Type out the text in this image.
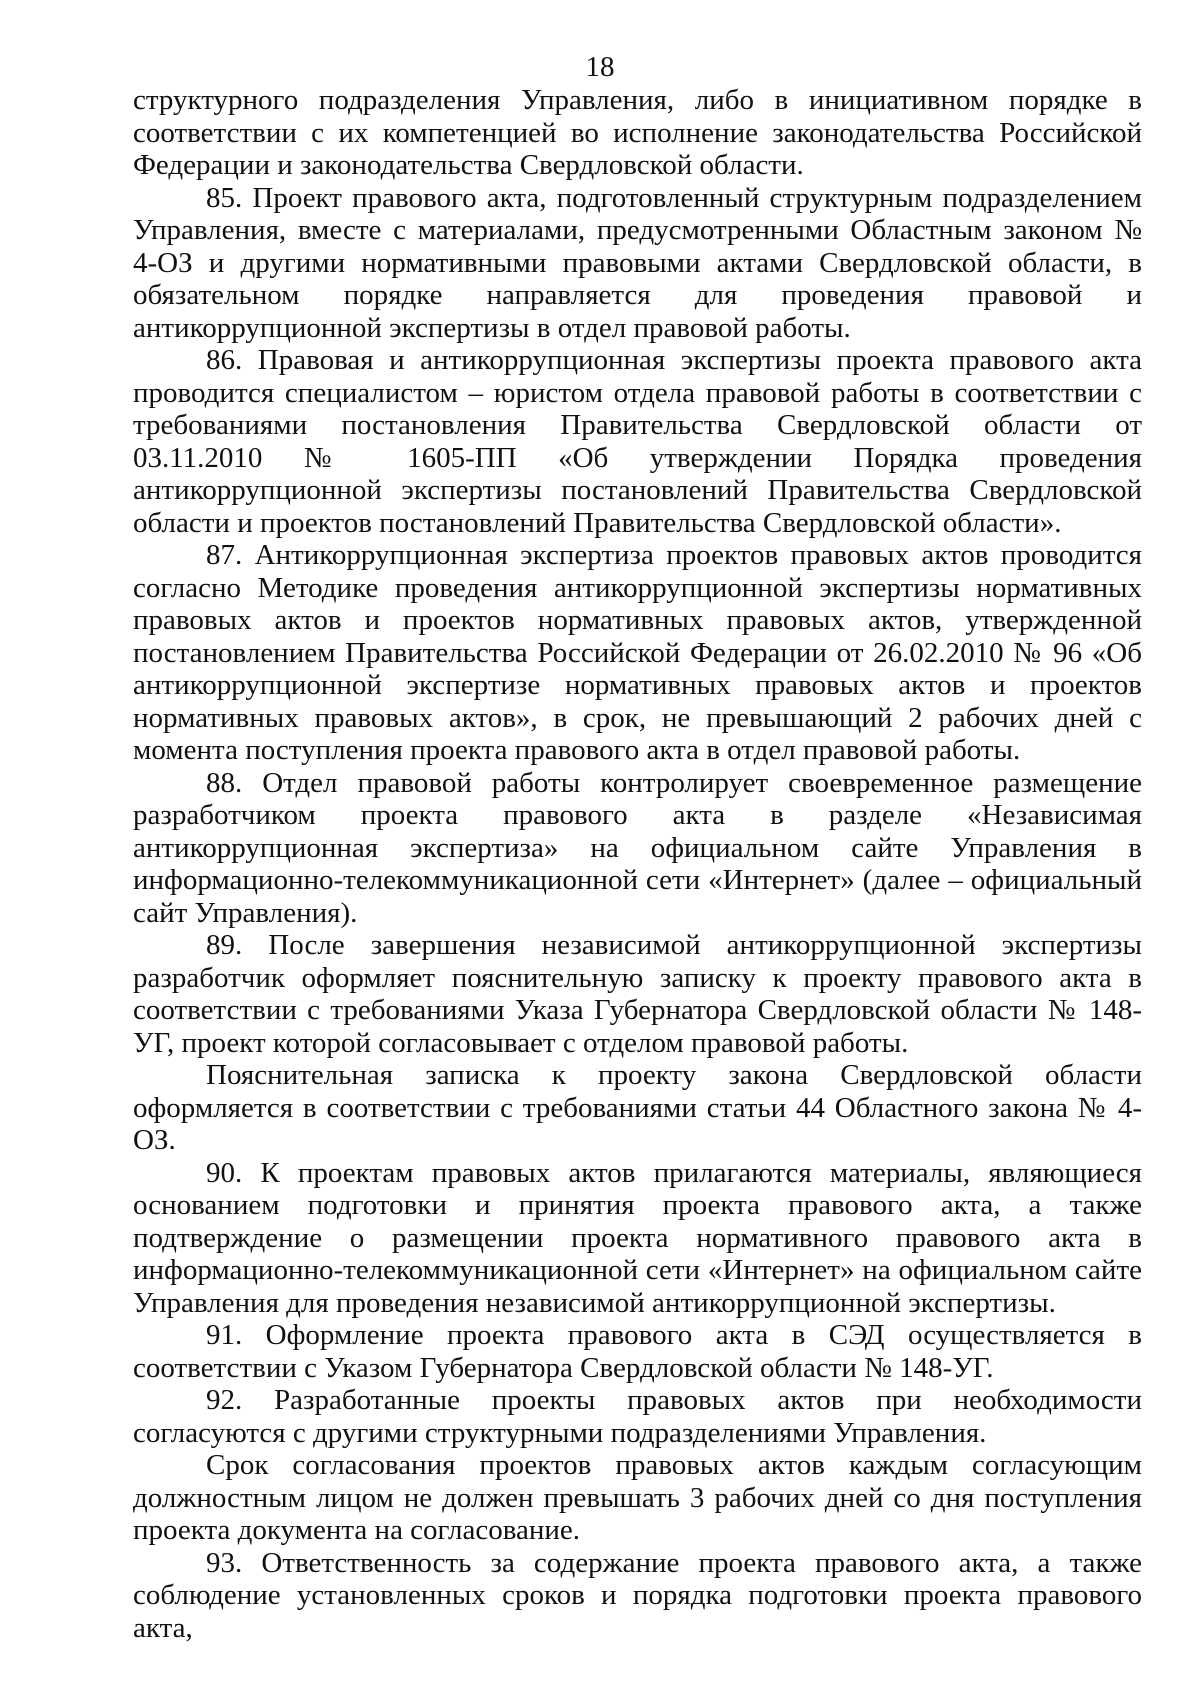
18

структурного подразделения Управления, либо в инициативном порядке в соответствии с их компетенцией во исполнение законодательства Российской Федерации и законодательства Свердловской области.

85. Проект правового акта, подготовленный структурным подразделением Управления, вместе с материалами, предусмотренными Областным законом № 4-ОЗ и другими нормативными правовыми актами Свердловской области, в обязательном порядке направляется для проведения правовой и антикоррупционной экспертизы в отдел правовой работы.

86. Правовая и антикоррупционная экспертизы проекта правового акта проводится специалистом – юристом отдела правовой работы в соответствии с требованиями постановления Правительства Свердловской области от 03.11.2010 № 1605-ПП «Об утверждении Порядка проведения антикоррупционной экспертизы постановлений Правительства Свердловской области и проектов постановлений Правительства Свердловской области».

87. Антикоррупционная экспертиза проектов правовых актов проводится согласно Методике проведения антикоррупционной экспертизы нормативных правовых актов и проектов нормативных правовых актов, утвержденной постановлением Правительства Российской Федерации от 26.02.2010 № 96 «Об антикоррупционной экспертизе нормативных правовых актов и проектов нормативных правовых актов», в срок, не превышающий 2 рабочих дней с момента поступления проекта правового акта в отдел правовой работы.

88. Отдел правовой работы контролирует своевременное размещение разработчиком проекта правового акта в разделе «Независимая антикоррупционная экспертиза» на официальном сайте Управления в информационно-телекоммуникационной сети «Интернет» (далее – официальный сайт Управления).

89. После завершения независимой антикоррупционной экспертизы разработчик оформляет пояснительную записку к проекту правового акта в соответствии с требованиями Указа Губернатора Свердловской области № 148-УГ, проект которой согласовывает с отделом правовой работы.

Пояснительная записка к проекту закона Свердловской области оформляется в соответствии с требованиями статьи 44 Областного закона № 4-ОЗ.

90. К проектам правовых актов прилагаются материалы, являющиеся основанием подготовки и принятия проекта правового акта, а также подтверждение о размещении проекта нормативного правового акта в информационно-телекоммуникационной сети «Интернет» на официальном сайте Управления для проведения независимой антикоррупционной экспертизы.

91. Оформление проекта правового акта в СЭД осуществляется в соответствии с Указом Губернатора Свердловской области № 148-УГ.

92. Разработанные проекты правовых актов при необходимости согласуются с другими структурными подразделениями Управления.

Срок согласования проектов правовых актов каждым согласующим должностным лицом не должен превышать 3 рабочих дней со дня поступления проекта документа на согласование.

93. Ответственность за содержание проекта правового акта, а также соблюдение установленных сроков и порядка подготовки проекта правового акта,
